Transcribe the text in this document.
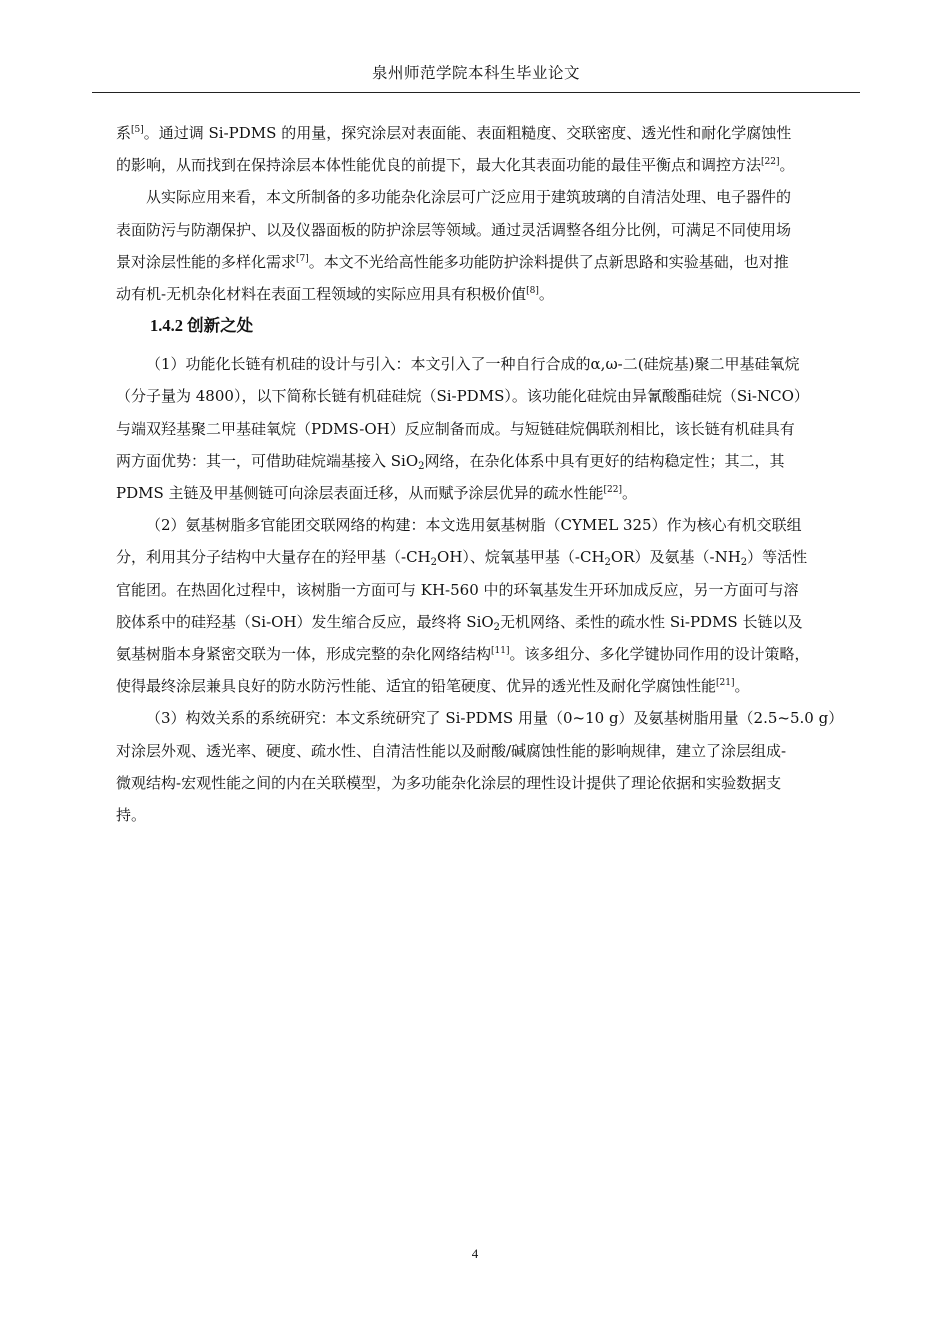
泉州师范学院本科生毕业论文

系[5]。通过调 Si-PDMS 的用量，探究涂层对表面能、表面粗糙度、交联密度、透光性和耐化学腐蚀性
的影响，从而找到在保持涂层本体性能优良的前提下，最大化其表面功能的最佳平衡点和调控方法[22]。

从实际应用来看，本文所制备的多功能杂化涂层可广泛应用于建筑玻璃的自清洁处理、电子器件的
表面防污与防潮保护、以及仪器面板的防护涂层等领域。通过灵活调整各组分比例，可满足不同使用场
景对涂层性能的多样化需求[7]。本文不光给高性能多功能防护涂料提供了点新思路和实验基础，也对推
动有机-无机杂化材料在表面工程领域的实际应用具有积极价值[8]。

1.4.2 创新之处

（1）功能化长链有机硅的设计与引入：本文引入了一种自行合成的α,ω-二(硅烷基)聚二甲基硅氧烷
（分子量为 4800），以下简称长链有机硅硅烷（Si-PDMS）。该功能化硅烷由异氰酸酯硅烷（Si-NCO）
与端双羟基聚二甲基硅氧烷（PDMS-OH）反应制备而成。与短链硅烷偶联剂相比，该长链有机硅具有
两方面优势：其一，可借助硅烷端基接入 SiO$_2$网络，在杂化体系中具有更好的结构稳定性；其二，其
PDMS 主链及甲基侧链可向涂层表面迁移，从而赋予涂层优异的疏水性能[22]。

（2）氨基树脂多官能团交联网络的构建：本文选用氨基树脂（CYMEL 325）作为核心有机交联组
分，利用其分子结构中大量存在的羟甲基$(-CH_2OH)$、烷氧基甲基$(-CH_2OR)$及氨基$(-NH_2)$等活性
官能团。在热固化过程中，该树脂一方面可与 KH-560 中的环氧基发生开环加成反应，另一方面可与溶
胶体系中的硅羟基（Si-OH）发生缩合反应，最终将 SiO$_2$无机网络、柔性的疏水性 Si-PDMS 长链以及
氨基树脂本身紧密交联为一体，形成完整的杂化网络结构[11]。该多组分、多化学键协同作用的设计策略，
使得最终涂层兼具良好的防水防污性能、适宜的铅笔硬度、优异的透光性及耐化学腐蚀性能[21]。

（3）构效关系的系统研究：本文系统研究了 Si-PDMS 用量（0~10 g）及氨基树脂用量（2.5~5.0 g）
对涂层外观、透光率、硬度、疏水性、自清洁性能以及耐酸/碱腐蚀性能的影响规律，建立了涂层组成-
微观结构-宏观性能之间的内在关联模型，为多功能杂化涂层的理性设计提供了理论依据和实验数据支
持。

4
